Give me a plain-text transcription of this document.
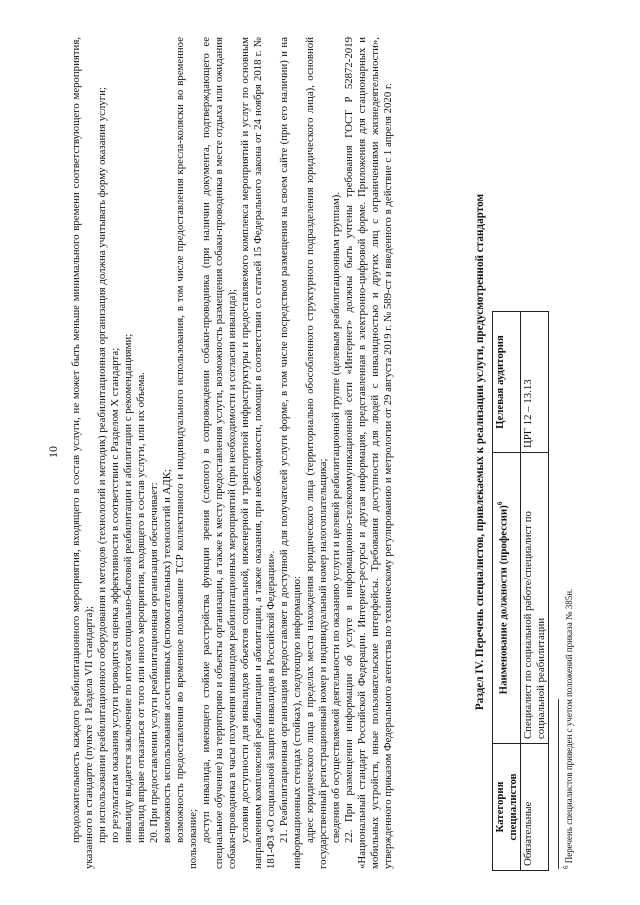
10 продолжительность каждого реабилитационного мероприятия, входящего в состав услуги, не может быть меньше минимального времени соответствующего мероприятия, указанного в стандарте (пункте 1 Раздела VII стандарта); при использовании реабилитационного оборудования и методов (технологий и методик) реабилитационная организация должна учитывать форму оказания услуги; по результатам оказания услуги проводится оценка эффективности в соответствии с Разделом X стандарта; инвалиду выдается заключение по итогам социально-бытовой реабилитации и абилитации с рекомендациями; инвалид вправе отказаться от того или иного мероприятия, входящего в состав услуги, или их объема. 20. При предоставлении услуги реабилитационная организация обеспечивает: возможность использования ассистивных (вспомогательных) технологий и АДК; возможность предоставления во временное пользование ТСР коллективного и индивидуального использования, в том числе предоставления кресла-коляски во временное пользование; доступ инвалида, имеющего стойкие расстройства функции зрения (слепого) в сопровождении собаки-проводника (при наличии документа, подтверждающего ее специальное обучение) на территорию и объекты организации, а также к месту предоставления услуги, возможность размещения собаки-проводника в месте отдыха или ожидания собаки-проводника в часы получения инвалидом реабилитационных мероприятий (при необходимости и согласии инвалида); условия доступности для инвалидов объектов социальной, инженерной и транспортной инфраструктуры и предоставляемого комплекса мероприятий и услуг по основным направлениям комплексной реабилитации и абилитации, а также оказания, при необходимости, помощи в соответствии со статьей 15 Федерального закона от 24 ноября 2018 г. № 181-ФЗ «О социальной защите инвалидов в Российской Федерации». 21. Реабилитационная организация предоставляет в доступной для получателей услуги форме, в том числе посредством размещения на своем сайте (при его наличии) и на информационных стендах (стойках), следующую информацию: адрес юридического лица в пределах места нахождения юридического лица (территориально обособленного структурного подразделения юридического лица), основной государственный регистрационный номер и индивидуальный номер налогоплательщика; сведения об осуществляемой деятельности по оказанию услуги и целевой реабилитационной группе (целевым реабилитационным группам). 22. При размещении информации об услуге в информационно-телекоммуникационной сети «Интернет» должны быть учтены требования ГОСТ Р 52872-2019 «Национальный стандарт Российской Федерации. Интернет-ресурсы и другая информация, представленная в электронно-цифровой форме. Приложения для стационарных и мобильных устройств, иные пользовательские интерфейсы. Требования доступности для людей с инвалидностью и других лиц с ограничениями жизнедеятельности», утвержденного приказом Федерального агентства по техническому регулированию и метрологии от 29 августа 2019 г. № 589-ст и введенного в действие с 1 апреля 2020 г.	Раздел IV. Перечень специалистов, привлекаемых к реализации услуги, предусмотренной стандартом
Категория специалистов	Наименование должности (профессии)$^6$	Целевая аудитория
Обязательные	Специалист по социальной работе/специалист по социальной реабилитации	ЦРГ 12 – 13.13
$^6$ Перечень специалистов приведен с учетом положений приказа № 385н.
